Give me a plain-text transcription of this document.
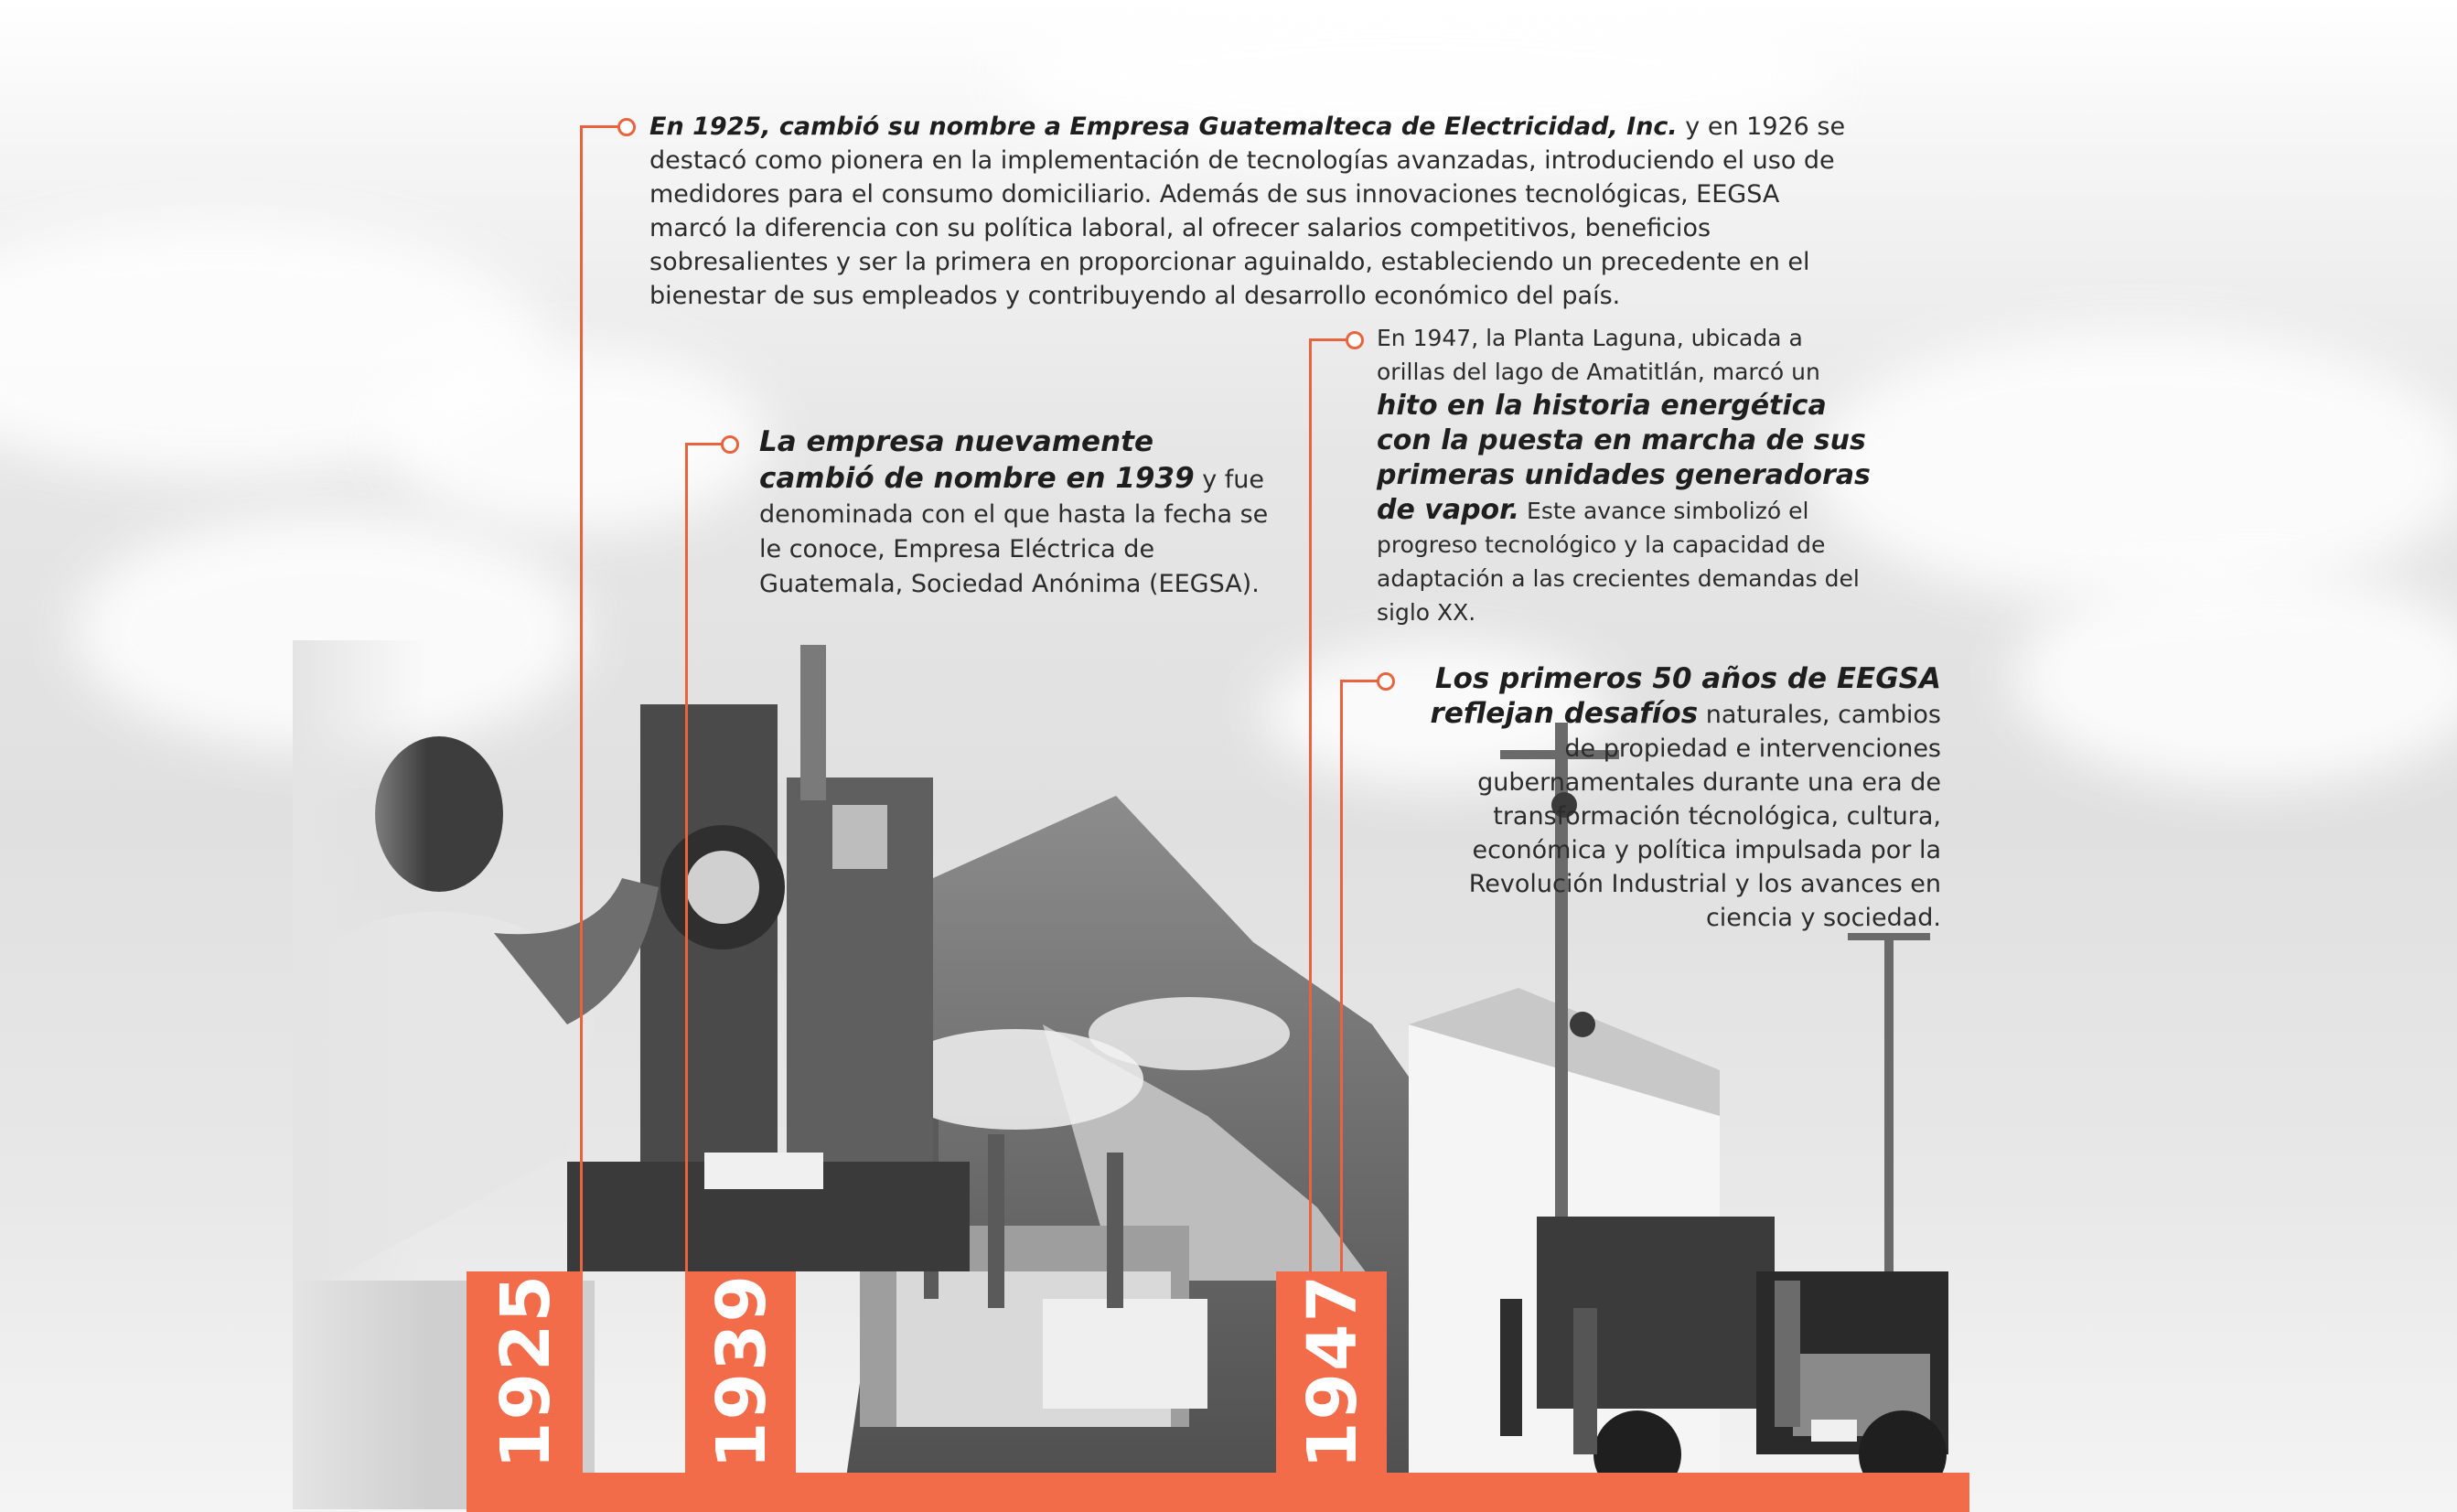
En 1925, cambió su nombre a Empresa Guatemalteca de Electricidad, Inc. y en 1926 se destacó como pionera en la implementación de tecnologías avanzadas, introduciendo el uso de medidores para el consumo domiciliario. Además de sus innovaciones tecnológicas, EEGSA marcó la diferencia con su política laboral, al ofrecer salarios competitivos, beneficios sobresalientes y ser la primera en proporcionar aguinaldo, estableciendo un precedente en el bienestar de sus empleados y contribuyendo al desarrollo económico del país.

La empresa nuevamente cambió de nombre en 1939 y fue denominada con el que hasta la fecha se le conoce, Empresa Eléctrica de Guatemala, Sociedad Anónima (EEGSA).

En 1947, la Planta Laguna, ubicada a orillas del lago de Amatitlán, marcó un hito en la historia energética con la puesta en marcha de sus primeras unidades generadoras de vapor. Este avance simbolizó el progreso tecnológico y la capacidad de adaptación a las crecientes demandas del siglo XX.

Los primeros 50 años de EEGSA reflejan desafíos naturales, cambios de propiedad e intervenciones gubernamentales durante una era de transformación técnológica, cultura, económica y política impulsada por la Revolución Industrial y los avances en ciencia y sociedad.

1925 1939	1947
